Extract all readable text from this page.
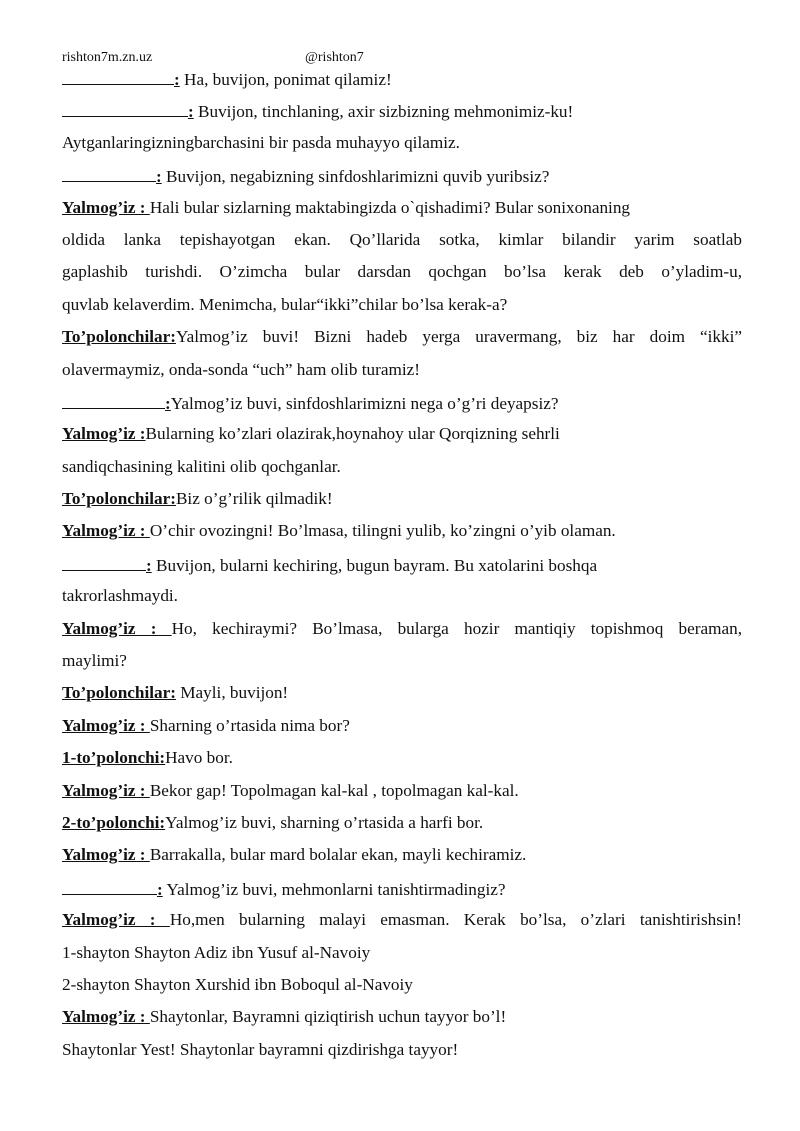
rishton7m.zn.uz	@rishton7
: Ha, buvijon, ponimat qilamiz!
: Buvijon, tinchlaning, axir sizbizning mehmonimiz-ku!
Aytganlaringizningbarchasini bir pasda muhayyo qilamiz.
: Buvijon, negabizning sinfdoshlarimizni quvib yuribsiz?
Yalmog’iz : Hali bular sizlarning maktabingizda o`qishadimi? Bular sonixonaning
oldida lanka tepishayotgan ekan. Qo’llarida sotka, kimlar bilandir yarim soatlab
gaplashib turishdi. O’zimcha bular darsdan qochgan bo’lsa kerak deb o’yladim-u,
quvlab kelaverdim. Menimcha, bular“ikki”chilar bo’lsa kerak-a?
To’polonchilar:Yalmog’iz buvi! Bizni hadeb yerga uravermang, biz har doim “ikki”
olavermaymiz, onda-sonda “uch” ham olib turamiz!
:Yalmog’iz buvi, sinfdoshlarimizni nega o’g’ri deyapsiz?
Yalmog’iz :Bularning ko’zlari olazirak,hoynahoy ular Qorqizning sehrli
sandiqchasining kalitini olib qochganlar.
To’polonchilar:Biz o’g’rilik qilmadik!
Yalmog’iz : O’chir ovozingni! Bo’lmasa, tilingni yulib, ko’zingni o’yib olaman.
: Buvijon, bularni kechiring, bugun bayram. Bu xatolarini boshqa
takrorlashmaydi.
Yalmog’iz : Ho, kechiraymi? Bo’lmasa, bularga hozir mantiqiy topishmoq beraman,
maylimi?
To’polonchilar: Mayli, buvijon!
Yalmog’iz : Sharning o’rtasida nima bor?
1-to’polonchi:Havo bor.
Yalmog’iz : Bekor gap! Topolmagan kal-kal , topolmagan kal-kal.
2-to’polonchi:Yalmog’iz buvi, sharning o’rtasida a harfi bor.
Yalmog’iz : Barrakalla, bular mard bolalar ekan, mayli kechiramiz.
: Yalmog’iz buvi, mehmonlarni tanishtirmadingiz?
Yalmog’iz : Ho,men bularning malayi emasman. Kerak bo’lsa, o’zlari tanishtirishsin!
1-shayton Shayton Adiz ibn Yusuf al-Navoiy
2-shayton Shayton Xurshid ibn Boboqul al-Navoiy
Yalmog’iz : Shaytonlar, Bayramni qiziqtirish uchun tayyor bo’l!
Shaytonlar Yest! Shaytonlar bayramni qizdirishga tayyor!
